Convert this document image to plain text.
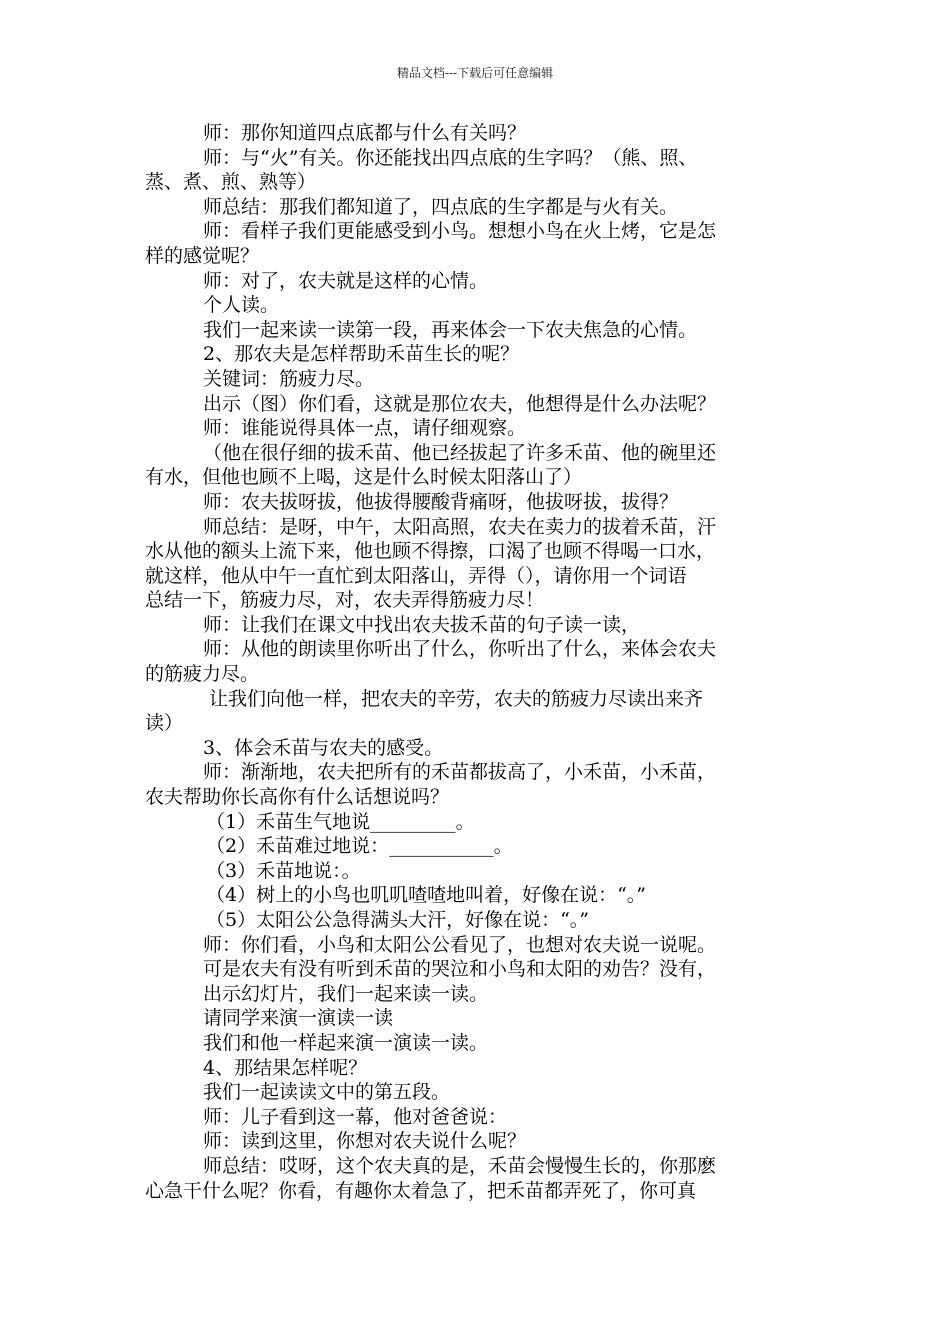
精品文档---下载后可任意编辑
师：那你知道四点底都与什么有关吗？
师：与“火”有关。你还能找出四点底的生字吗？（熊、照、
蒸、煮、煎、熟等）
师总结：那我们都知道了，四点底的生字都是与火有关。
师：看样子我们更能感受到小鸟。想想小鸟在火上烤，它是怎
样的感觉呢？
师：对了，农夫就是这样的心情。
个人读。
我们一起来读一读第一段，再来体会一下农夫焦急的心情。
2、那农夫是怎样帮助禾苗生长的呢？
关键词：筋疲力尽。
出示（图）你们看，这就是那位农夫，他想得是什么办法呢？
师：谁能说得具体一点，请仔细观察。
（他在很仔细的拔禾苗、他已经拔起了许多禾苗、他的碗里还
有水，但他也顾不上喝，这是什么时候太阳落山了）
师：农夫拔呀拔，他拔得腰酸背痛呀，他拔呀拔，拔得？
师总结：是呀，中午，太阳高照，农夫在卖力的拔着禾苗，汗
水从他的额头上流下来，他也顾不得擦，口渴了也顾不得喝一口水，
就这样，他从中午一直忙到太阳落山，弄得（），请你用一个词语
总结一下，筋疲力尽，对，农夫弄得筋疲力尽！
师：让我们在课文中找出农夫拔禾苗的句子读一读，
师：从他的朗读里你听出了什么，你听出了什么，来体会农夫
的筋疲力尽。
让我们向他一样，把农夫的辛劳，农夫的筋疲力尽读出来齐
读）
3、体会禾苗与农夫的感受。
师：渐渐地，农夫把所有的禾苗都拔高了，小禾苗，小禾苗，
农夫帮助你长高你有什么话想说吗？
（1）禾苗生气地说_________。
（2）禾苗难过地说：___________。
（3）禾苗地说：。
（4）树上的小鸟也叽叽喳喳地叫着，好像在说：“。”
（5）太阳公公急得满头大汗，好像在说：“。”
师：你们看，小鸟和太阳公公看见了，也想对农夫说一说呢。
可是农夫有没有听到禾苗的哭泣和小鸟和太阳的劝告？没有，
出示幻灯片，我们一起来读一读。
请同学来演一演读一读
我们和他一样起来演一演读一读。
4、那结果怎样呢？
我们一起读读文中的第五段。
师：儿子看到这一幕，他对爸爸说：
师：读到这里，你想对农夫说什么呢？
师总结：哎呀，这个农夫真的是，禾苗会慢慢生长的，你那麽
心急干什么呢？你看，有趣你太着急了，把禾苗都弄死了，你可真
